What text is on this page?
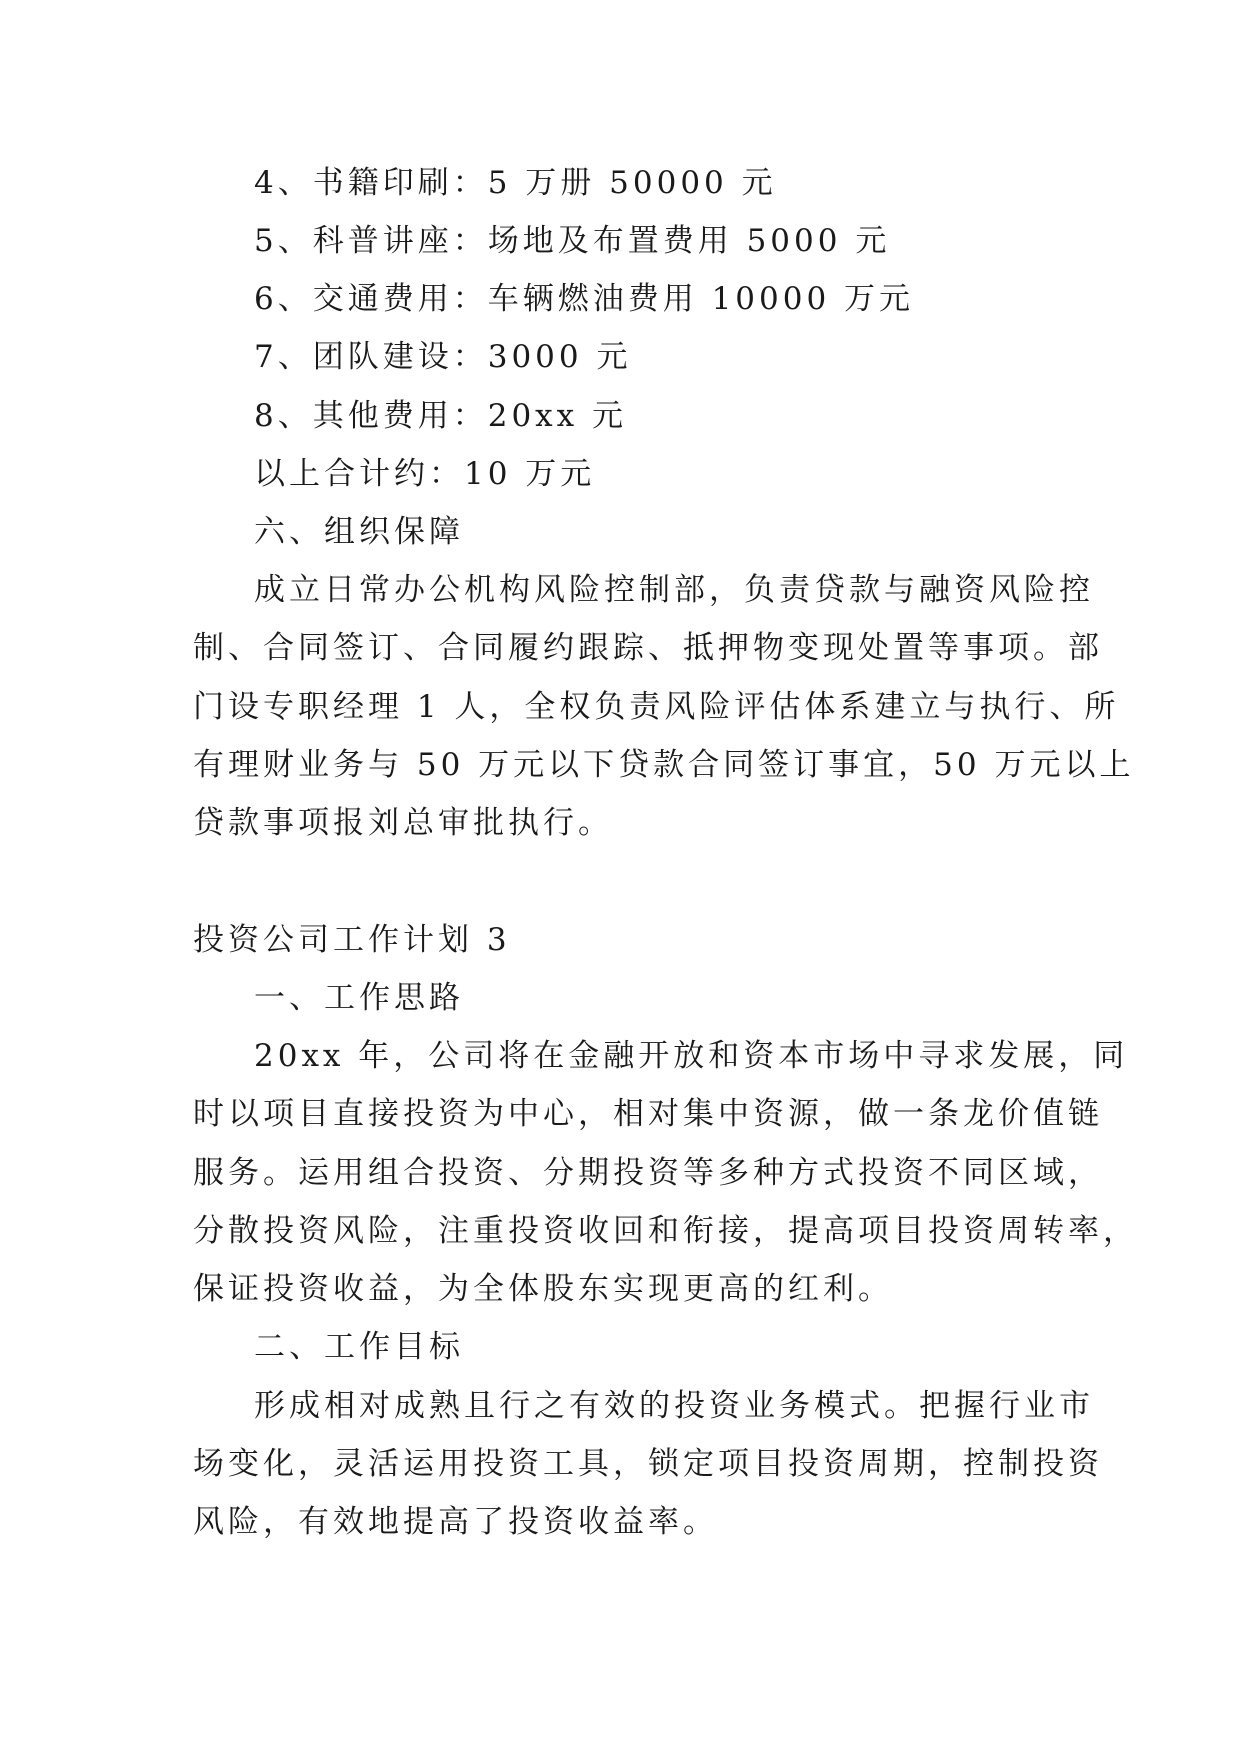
4、书籍印刷：5 万册 50000 元
5、科普讲座：场地及布置费用 5000 元
6、交通费用：车辆燃油费用 10000 万元
7、团队建设：3000 元
8、其他费用：20xx 元
以上合计约：10 万元
六、组织保障
成立日常办公机构风险控制部，负责贷款与融资风险控
制、合同签订、合同履约跟踪、抵押物变现处置等事项。部
门设专职经理 1 人，全权负责风险评估体系建立与执行、所
有理财业务与 50 万元以下贷款合同签订事宜，50 万元以上
贷款事项报刘总审批执行。
投资公司工作计划 3
一、工作思路
20xx 年，公司将在金融开放和资本市场中寻求发展，同
时以项目直接投资为中心，相对集中资源，做一条龙价值链
服务。运用组合投资、分期投资等多种方式投资不同区域，
分散投资风险，注重投资收回和衔接，提高项目投资周转率，
保证投资收益，为全体股东实现更高的红利。
二、工作目标
形成相对成熟且行之有效的投资业务模式。把握行业市
场变化，灵活运用投资工具，锁定项目投资周期，控制投资
风险，有效地提高了投资收益率。
